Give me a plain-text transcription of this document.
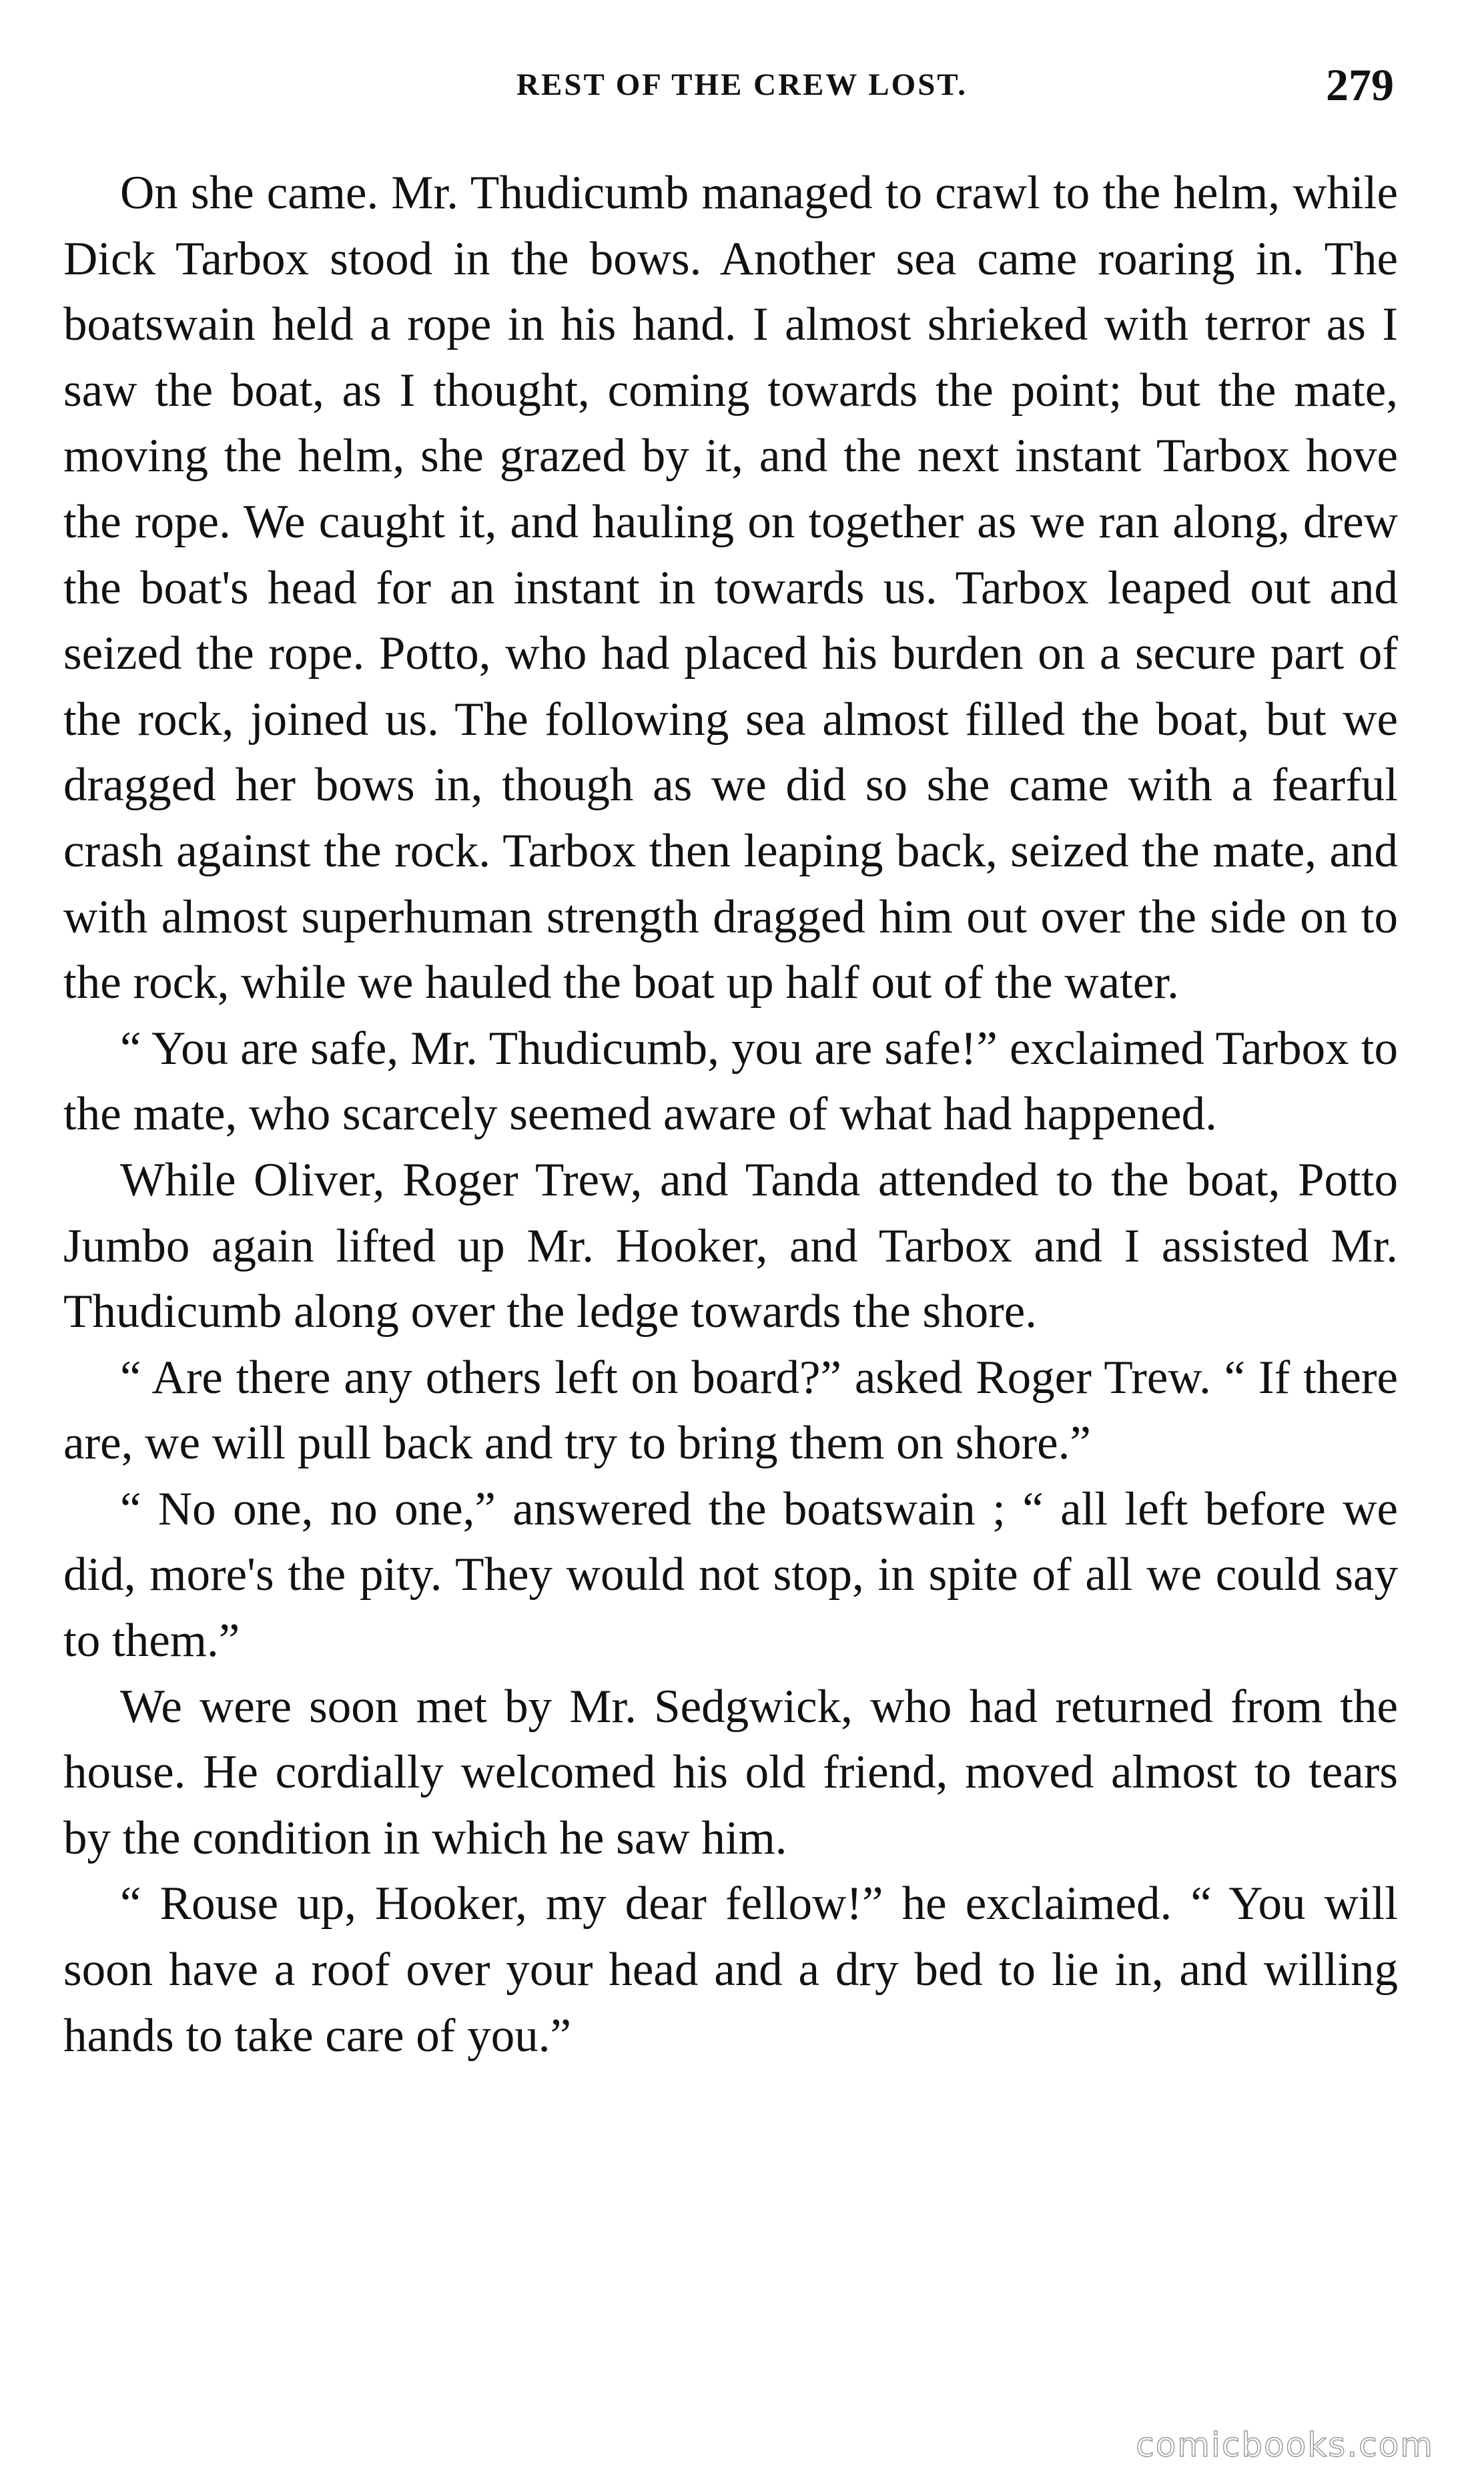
REST OF THE CREW LOST.	279

On she came. Mr. Thudicumb managed to crawl to the helm, while Dick Tarbox stood in the bows. Another sea came roaring in. The boatswain held a rope in his hand. I almost shrieked with terror as I saw the boat, as I thought, coming towards the point; but the mate, moving the helm, she grazed by it, and the next instant Tarbox hove the rope. We caught it, and hauling on together as we ran along, drew the boat's head for an instant in towards us. Tarbox leaped out and seized the rope. Potto, who had placed his burden on a secure part of the rock, joined us. The following sea almost filled the boat, but we dragged her bows in, though as we did so she came with a fearful crash against the rock. Tarbox then leaping back, seized the mate, and with almost superhuman strength dragged him out over the side on to the rock, while we hauled the boat up half out of the water.

“ You are safe, Mr. Thudicumb, you are safe!” exclaimed Tarbox to the mate, who scarcely seemed aware of what had happened.

While Oliver, Roger Trew, and Tanda attended to the boat, Potto Jumbo again lifted up Mr. Hooker, and Tarbox and I assisted Mr. Thudicumb along over the ledge towards the shore.

“ Are there any others left on board?” asked Roger Trew. “ If there are, we will pull back and try to bring them on shore.”

“ No one, no one,” answered the boatswain ; “ all left before we did, more's the pity. They would not stop, in spite of all we could say to them.”

We were soon met by Mr. Sedgwick, who had returned from the house. He cordially welcomed his old friend, moved almost to tears by the condition in which he saw him.

“ Rouse up, Hooker, my dear fellow!” he exclaimed. “ You will soon have a roof over your head and a dry bed to lie in, and willing hands to take care of you.”

comicbooks.com
